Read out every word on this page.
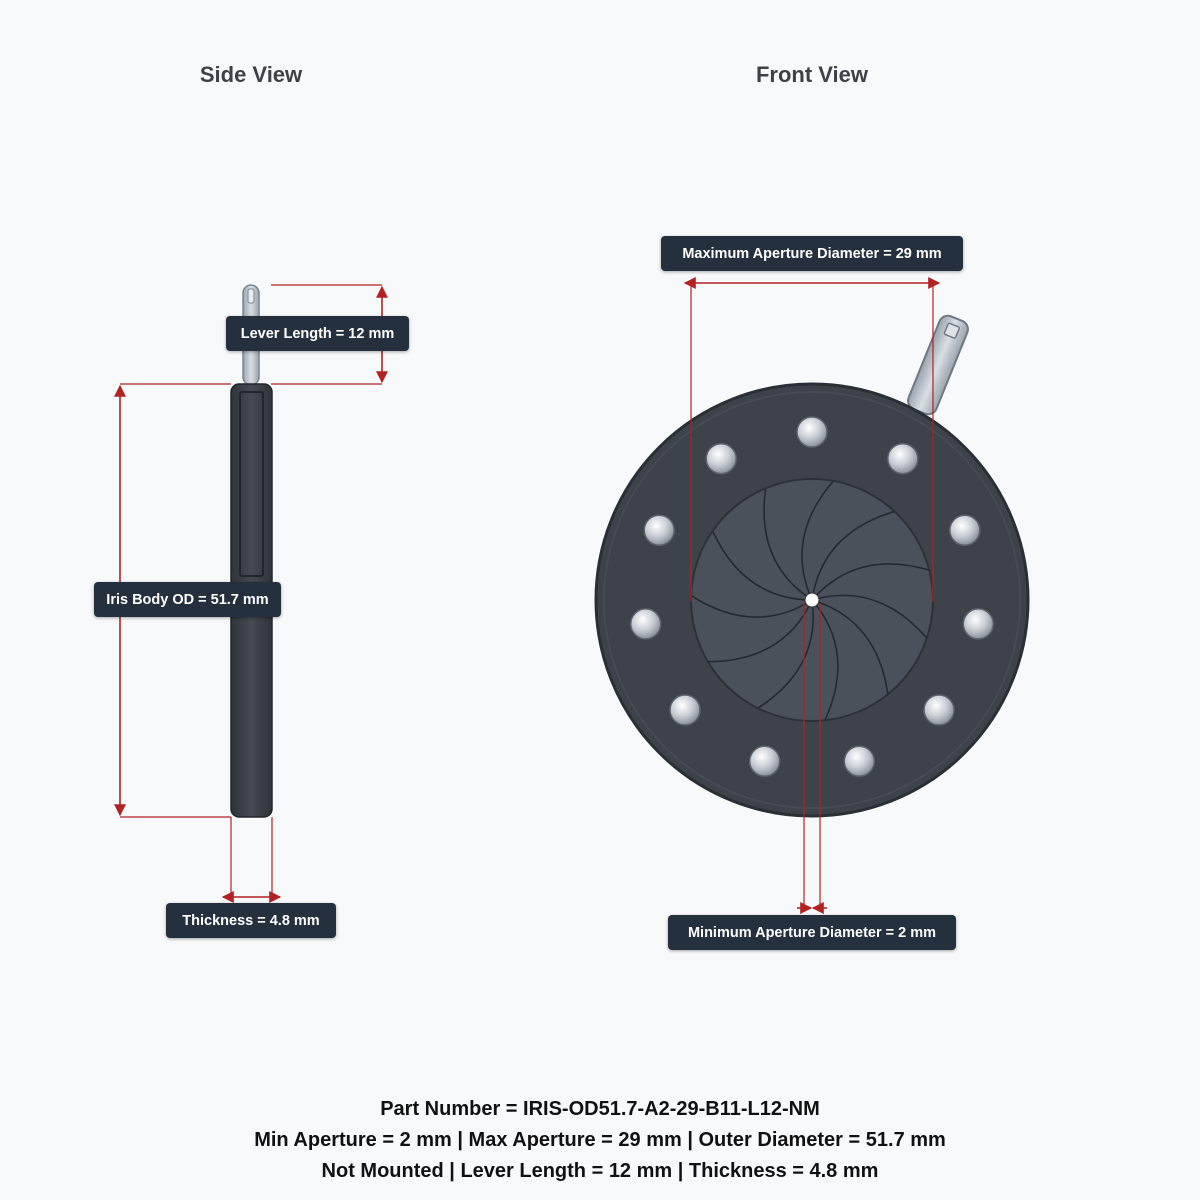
Side View	Front View
Lever Length = 12 mm
Iris Body OD = 51.7 mm
Thickness = 4.8 mm
Maximum Aperture Diameter = 29 mm
Minimum Aperture Diameter = 2 mm
Part Number = IRIS-OD51.7-A2-29-B11-L12-NM
Min Aperture = 2 mm | Max Aperture = 29 mm | Outer Diameter = 51.7 mm
Not Mounted | Lever Length = 12 mm | Thickness = 4.8 mm
